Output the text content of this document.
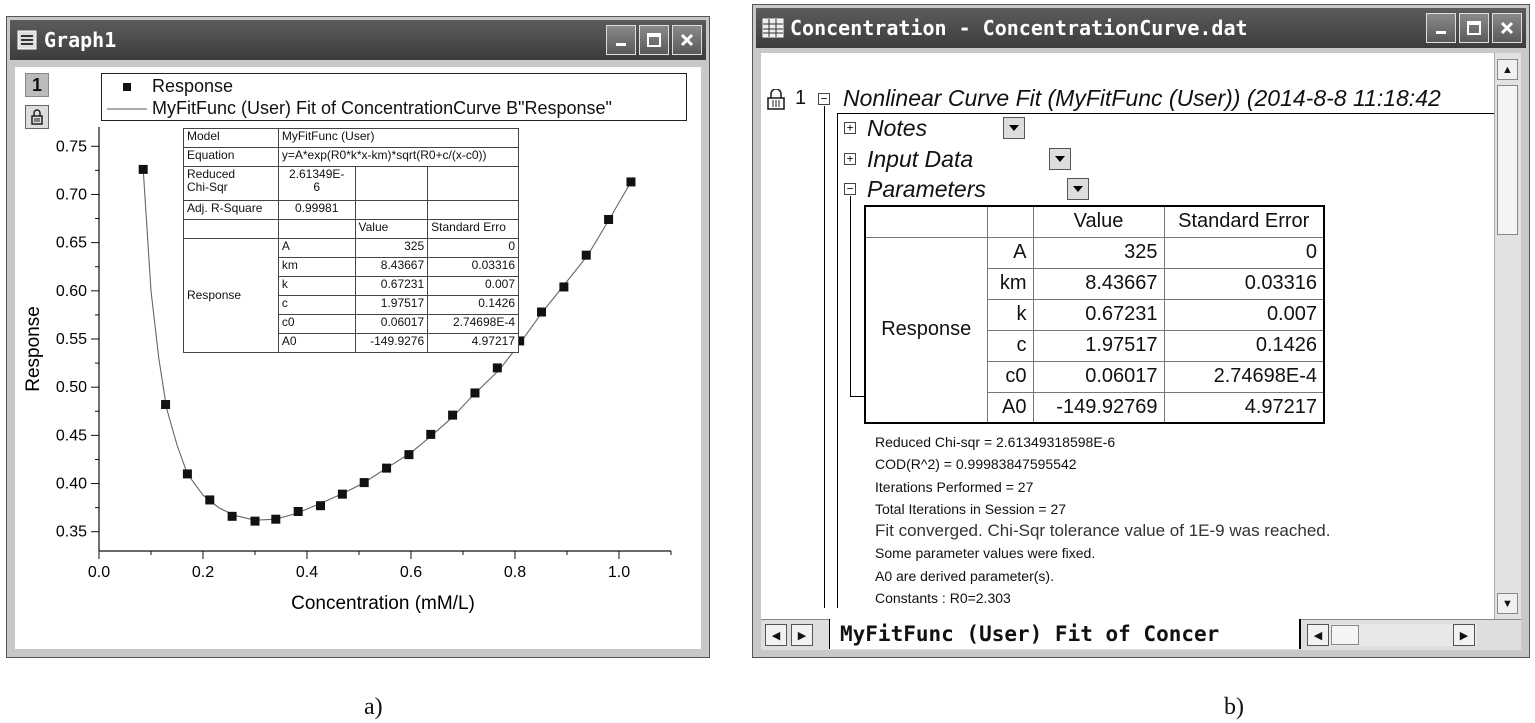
Graph1
0.0	0.2	0.4	0.6	0.8	1.0
0.35
0.40
0.45
0.50
0.55
0.60
0.65
0.70
0.75
Concentration (mM/L)
Response
1	Response
MyFitFunc (User) Fit of ConcentrationCurve B"Response"
Model	MyFitFunc (User)		
Equation	y=A*exp(R0*k*x-km)*sqrt(R0+c/(x-c0))		
Reduced
Chi-Sqr	2.61349E-
6		
Adj. R-Square	0.99981		
		Value	Standard Erro
Response	A	325	0
	km	8.43667	0.03316
	k	0.67231	0.007
	c	1.97517	0.1426
	c0	0.06017	2.74698E-4
	A0	-149.9276	4.97217
Concentration - ConcentrationCurve.dat
1 − Nonlinear Curve Fit (MyFitFunc (User)) (2014-8-8 11:18:42
+ Notes
+ Input Data
− Parameters
		Value	Standard Error
Response	A	325	0
	km	8.43667	0.03316
	k	0.67231	0.007
	c	1.97517	0.1426
	c0	0.06017	2.74698E-4
	A0	-149.92769	4.97217
Reduced Chi-sqr = 2.61349318598E-6
COD(R^2) = 0.99983847595542
Iterations Performed = 27
Total Iterations in Session = 27
Fit converged. Chi-Sqr tolerance value of 1E-9 was reached.
Some parameter values were fixed.
A0 are derived parameter(s).
Constants : R0=2.303
▲
▼
◀	▶	MyFitFunc (User) Fit of Concer	◀	▶
a)	b)
